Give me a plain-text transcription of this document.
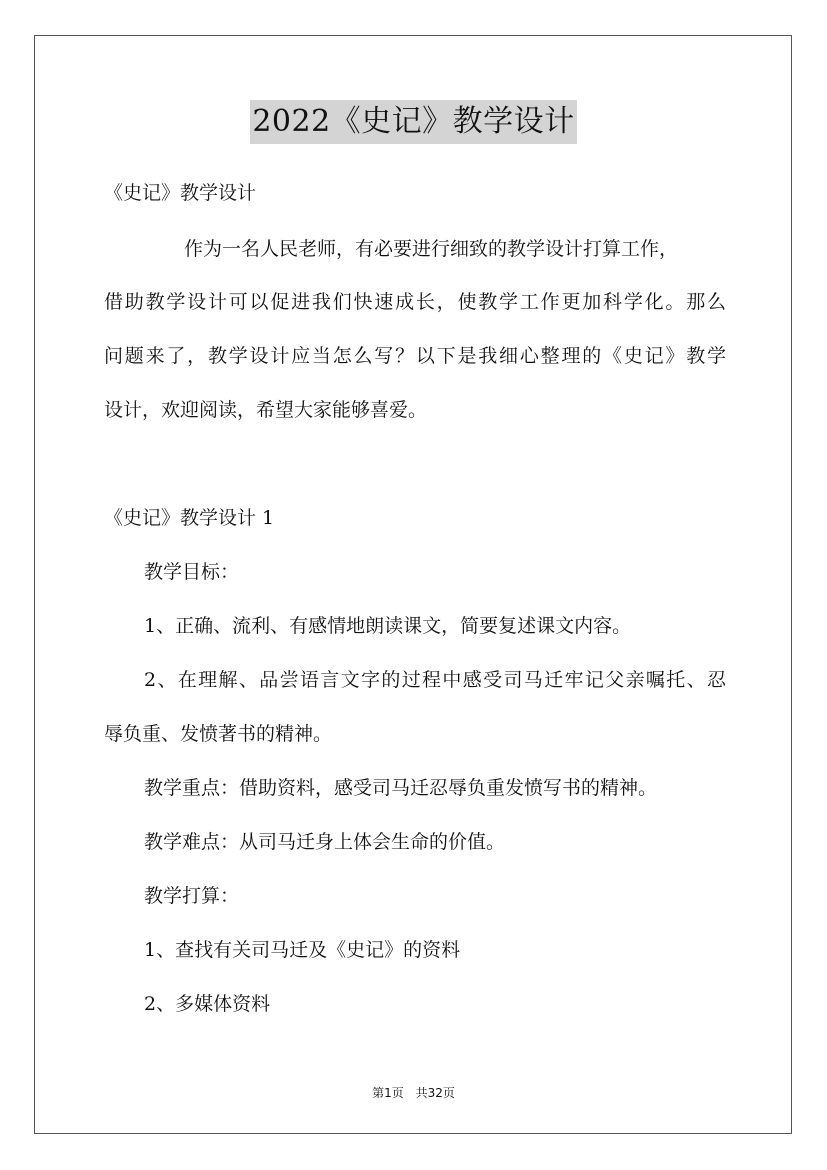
2022《史记》教学设计
《史记》教学设计
作为一名人民老师，有必要进行细致的教学设计打算工作，
借助教学设计可以促进我们快速成长，使教学工作更加科学化。那么
问题来了，教学设计应当怎么写？以下是我细心整理的《史记》教学
设计，欢迎阅读，希望大家能够喜爱。
《史记》教学设计 1
教学目标：
1、正确、流利、有感情地朗读课文，简要复述课文内容。
2、在理解、品尝语言文字的过程中感受司马迁牢记父亲嘱托、忍
辱负重、发愤著书的精神。
教学重点：借助资料，感受司马迁忍辱负重发愤写书的精神。
教学难点：从司马迁身上体会生命的价值。
教学打算：
1、查找有关司马迁及《史记》的资料
2、多媒体资料
第1页 共32页
